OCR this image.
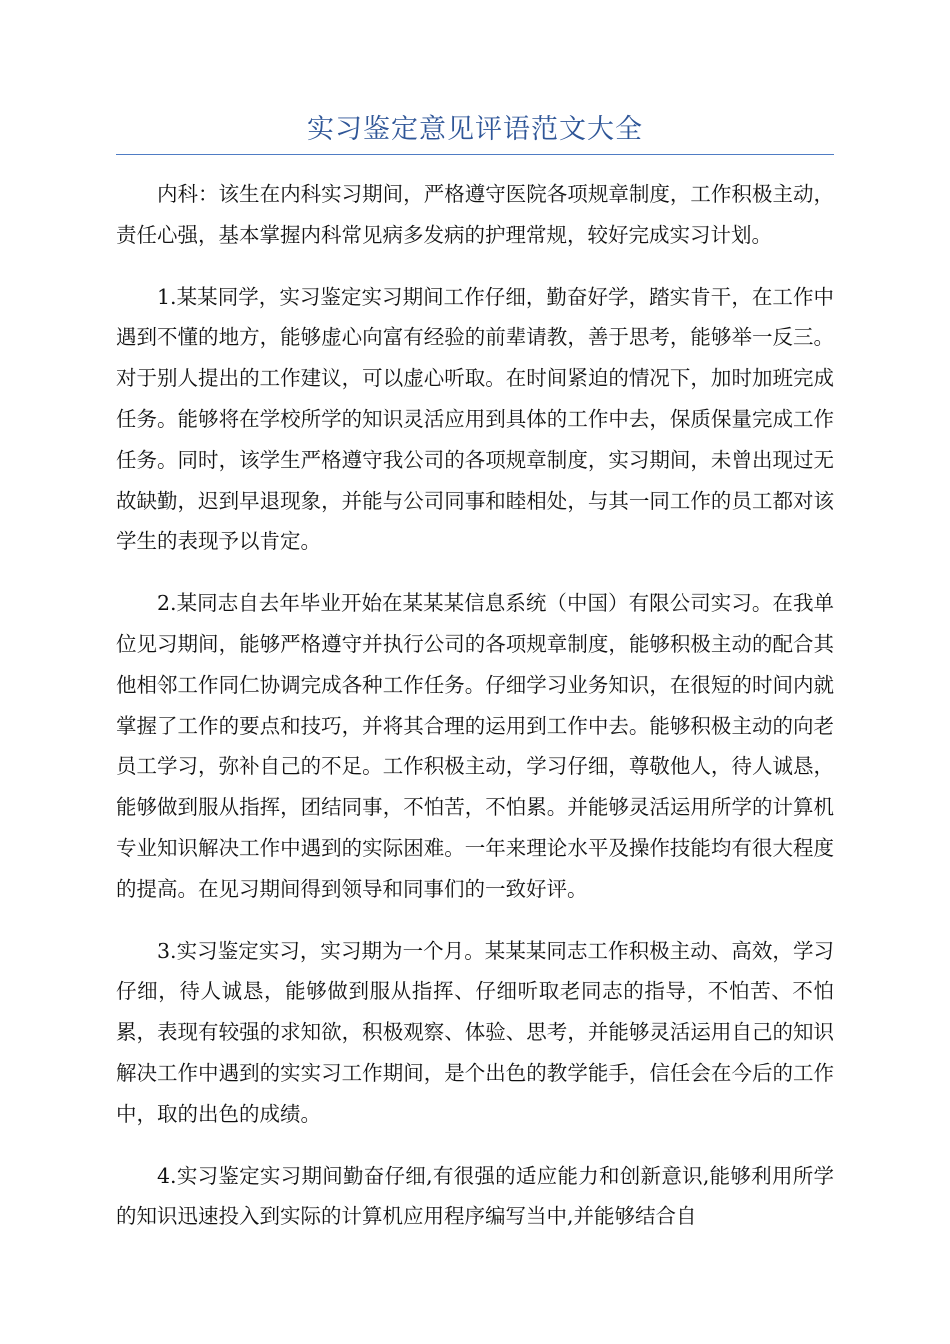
实习鉴定意见评语范文大全

内科：该生在内科实习期间，严格遵守医院各项规章制度，工作积极主动，责任心强，基本掌握内科常见病多发病的护理常规，较好完成实习计划。

1.某某同学，实习鉴定实习期间工作仔细，勤奋好学，踏实肯干，在工作中遇到不懂的地方，能够虚心向富有经验的前辈请教，善于思考，能够举一反三。对于别人提出的工作建议，可以虚心听取。在时间紧迫的情况下，加时加班完成任务。能够将在学校所学的知识灵活应用到具体的工作中去，保质保量完成工作任务。同时，该学生严格遵守我公司的各项规章制度，实习期间，未曾出现过无故缺勤，迟到早退现象，并能与公司同事和睦相处，与其一同工作的员工都对该学生的表现予以肯定。

2.某同志自去年毕业开始在某某某信息系统（中国）有限公司实习。在我单位见习期间，能够严格遵守并执行公司的各项规章制度，能够积极主动的配合其他相邻工作同仁协调完成各种工作任务。仔细学习业务知识，在很短的时间内就掌握了工作的要点和技巧，并将其合理的运用到工作中去。能够积极主动的向老员工学习，弥补自己的不足。工作积极主动，学习仔细，尊敬他人，待人诚恳，能够做到服从指挥，团结同事，不怕苦，不怕累。并能够灵活运用所学的计算机专业知识解决工作中遇到的实际困难。一年来理论水平及操作技能均有很大程度的提高。在见习期间得到领导和同事们的一致好评。

3.实习鉴定实习，实习期为一个月。某某某同志工作积极主动、高效，学习仔细，待人诚恳，能够做到服从指挥、仔细听取老同志的指导，不怕苦、不怕累，表现有较强的求知欲，积极观察、体验、思考，并能够灵活运用自己的知识解决工作中遇到的实实习工作期间，是个出色的教学能手，信任会在今后的工作中，取的出色的成绩。

4.实习鉴定实习期间勤奋仔细,有很强的适应能力和创新意识,能够利用所学的知识迅速投入到实际的计算机应用程序编写当中,并能够结合自
